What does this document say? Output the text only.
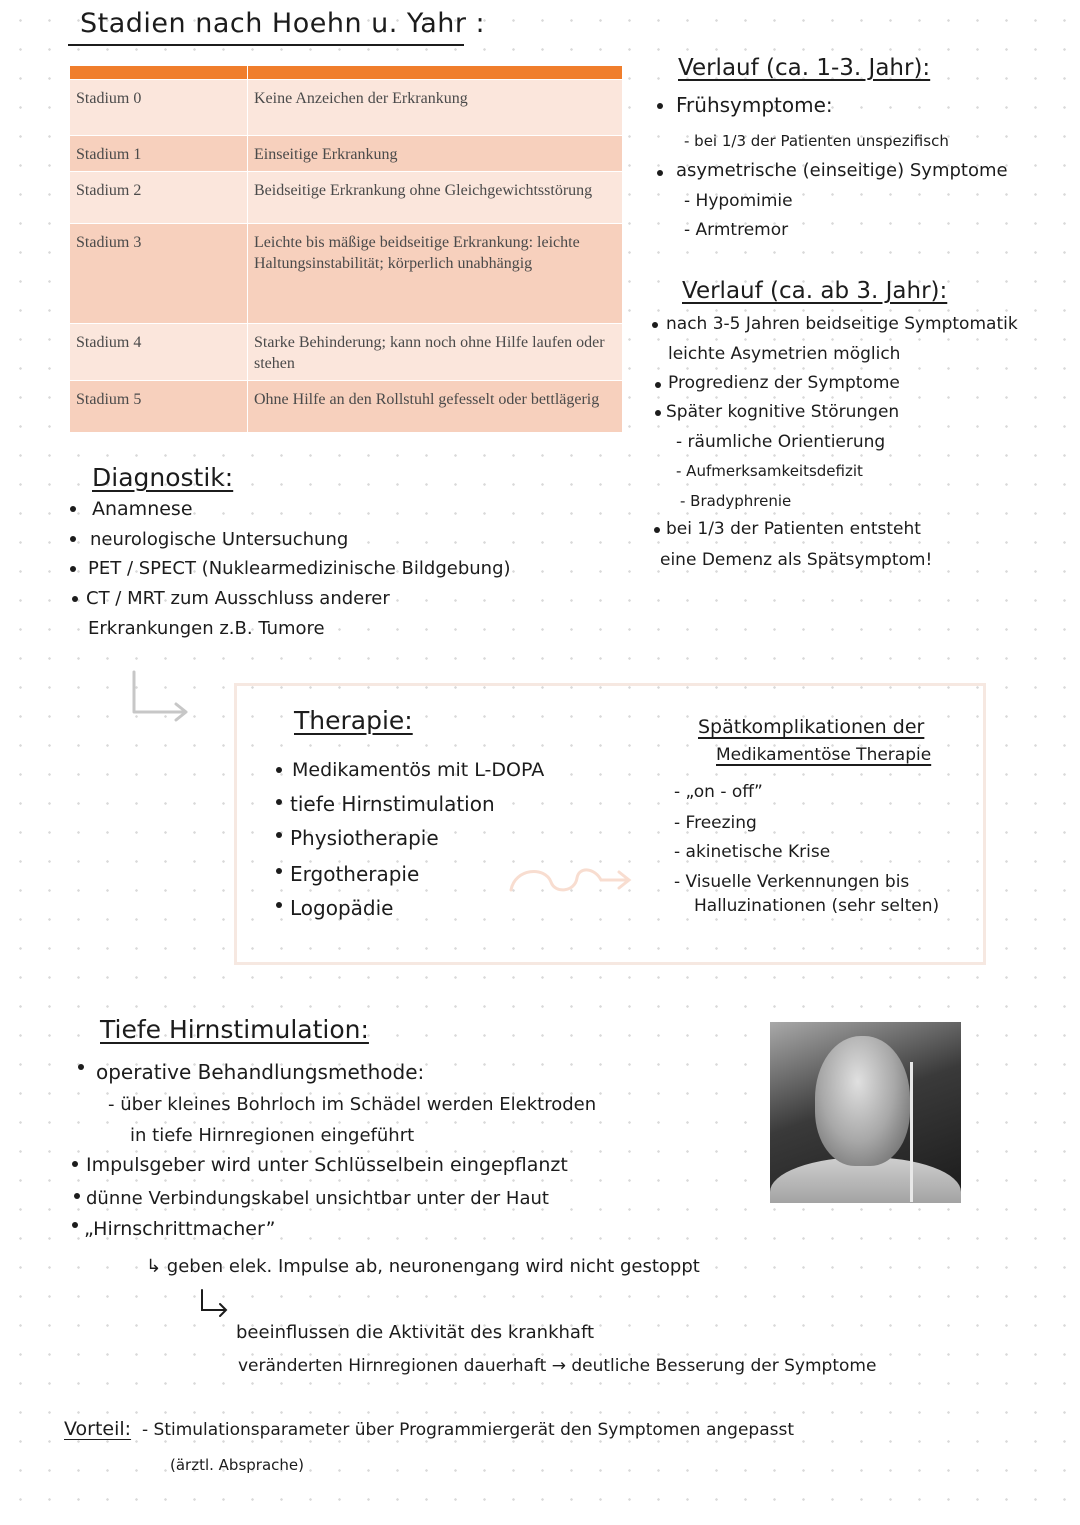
Stadien nach Hoehn u. Yahr :

Stadium 0	Keine Anzeichen der Erkrankung
Stadium 1	Einseitige Erkrankung
Stadium 2	Beidseitige Erkrankung ohne Gleichgewichtsstörung
Stadium 3	Leichte bis mäßige beidseitige Erkrankung: leichte Haltungsinstabilität; körperlich unabhängig
Stadium 4	Starke Behinderung; kann noch ohne Hilfe laufen oder stehen
Stadium 5	Ohne Hilfe an den Rollstuhl gefesselt oder bettlägerig
Verlauf (ca. 1-3. Jahr):
Frühsymptome:
- bei 1/3 der Patienten unspezifisch
asymetrische (einseitige) Symptome
- Hypomimie
- Armtremor
Verlauf (ca. ab 3. Jahr):
nach 3-5 Jahren beidseitige Symptomatik
leichte Asymetrien möglich
Progredienz der Symptome
Später kognitive Störungen
- räumliche Orientierung
- Aufmerksamkeitsdefizit
- Bradyphrenie
bei 1/3 der Patienten entsteht
eine Demenz als Spätsymptom!
Diagnostik:
Anamnese
neurologische Untersuchung
PET / SPECT (Nuklearmedizinische Bildgebung)
CT / MRT zum Ausschluss anderer
Erkrankungen z.B. Tumore
Therapie:
Medikamentös mit L-DOPA
tiefe Hirnstimulation
Physiotherapie
Ergotherapie
Logopädie
Spätkomplikationen der
Medikamentöse Therapie
- „on - off”
- Freezing
- akinetische Krise
- Visuelle Verkennungen bis
Halluzinationen (sehr selten)
Tiefe Hirnstimulation:
operative Behandlungsmethode:
- über kleines Bohrloch im Schädel werden Elektroden
in tiefe Hirnregionen eingeführt
Impulsgeber wird unter Schlüsselbein eingepflanzt
dünne Verbindungskabel unsichtbar unter der Haut
„Hirnschrittmacher”
↳ geben elek. Impulse ab, neuronengang wird nicht gestoppt
beeinflussen die Aktivität des krankhaft
veränderten Hirnregionen dauerhaft → deutliche Besserung der Symptome
Vorteil: - Stimulationsparameter über Programmiergerät den Symptomen angepasst
(ärztl. Absprache)
